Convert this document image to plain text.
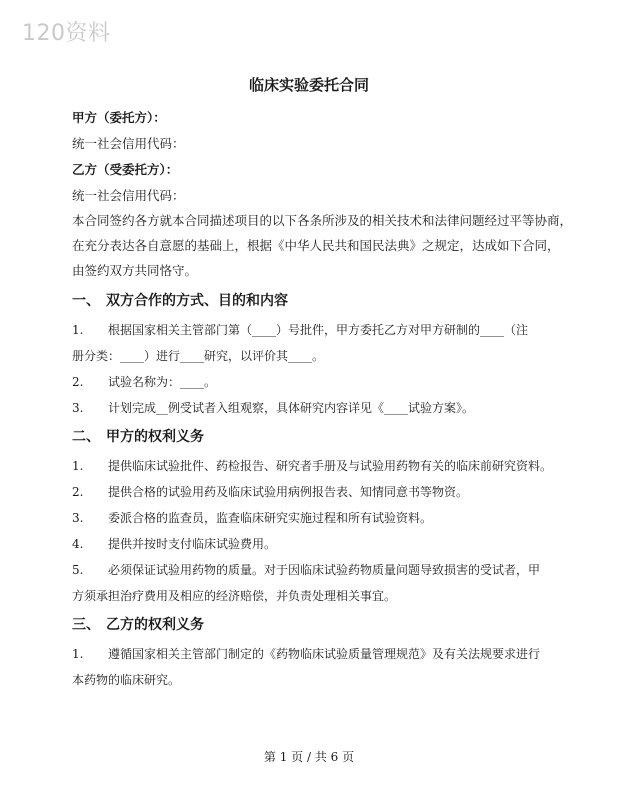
120资料
临床实验委托合同
甲方（委托方）：
统一社会信用代码：
乙方（受委托方）：
统一社会信用代码：
本合同签约各方就本合同描述项目的以下各条所涉及的相关技术和法律问题经过平等协商，
在充分表达各自意愿的基础上，根据《中华人民共和国民法典》之规定，达成如下合同，
由签约双方共同恪守。
一、 双方合作的方式、目的和内容
1. 根据国家相关主管部门第（____）号批件，甲方委托乙方对甲方研制的____（注
册分类：____）进行____研究，以评价其____。
2. 试验名称为：____。
3. 计划完成__例受试者入组观察，具体研究内容详见《____试验方案》。
二、 甲方的权利义务
1. 提供临床试验批件、药检报告、研究者手册及与试验用药物有关的临床前研究资料。
2. 提供合格的试验用药及临床试验用病例报告表、知情同意书等物资。
3. 委派合格的监查员，监查临床研究实施过程和所有试验资料。
4. 提供并按时支付临床试验费用。
5. 必须保证试验用药物的质量。对于因临床试验药物质量问题导致损害的受试者，甲
方须承担治疗费用及相应的经济赔偿，并负责处理相关事宜。
三、 乙方的权利义务
1. 遵循国家相关主管部门制定的《药物临床试验质量管理规范》及有关法规要求进行
本药物的临床研究。
第 1 页 / 共 6 页
